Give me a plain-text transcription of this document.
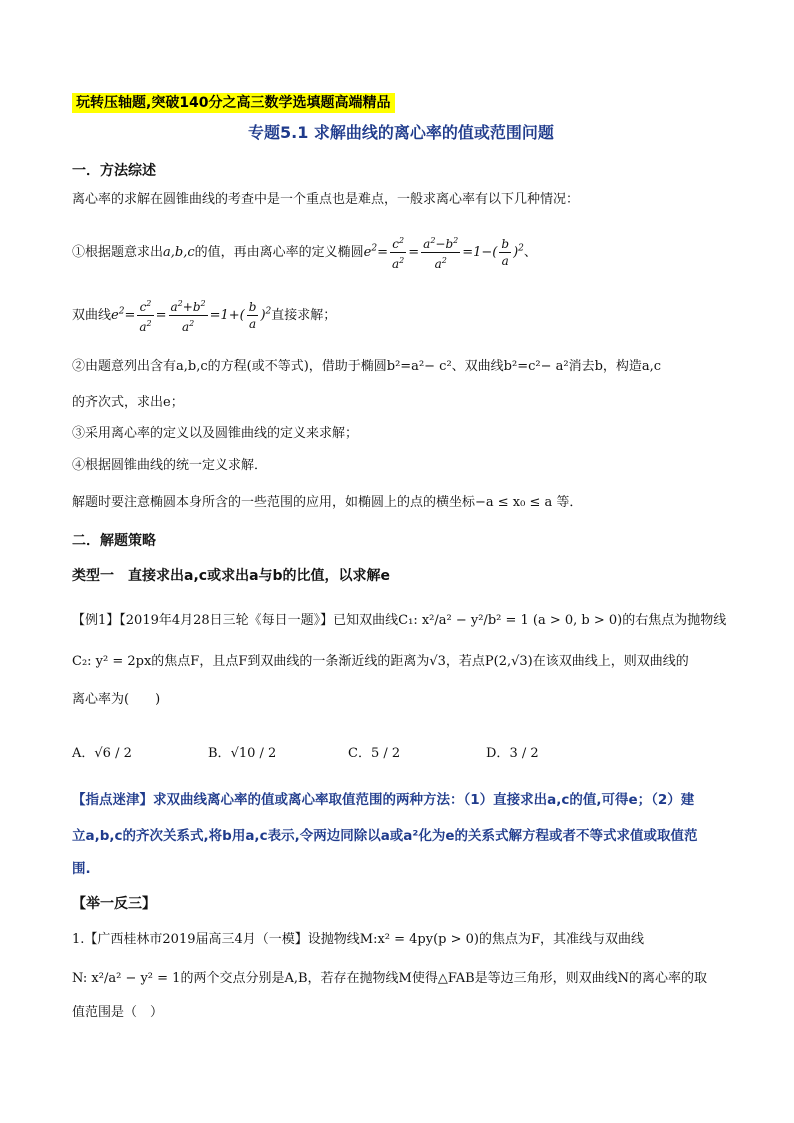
玩转压轴题,突破140分之高三数学选填题高端精品
专题5.1 求解曲线的离心率的值或范围问题
一．方法综述
离心率的求解在圆锥曲线的考查中是一个重点也是难点，一般求离心率有以下几种情况：
①根据题意求出 a,b,c 的值，再由离心率的定义椭圆 $e^2= \frac{c^2}{a^2} = \frac{a^2-b^2}{a^2} =1-( \frac{b}{a} )^2$ 、
双曲线 $e^2= \frac{c^2}{a^2} = \frac{a^2+b^2}{a^2} =1+( \frac{b}{a} )^2$ 直接求解；
②由题意列出含有a,b,c的方程(或不等式)，借助于椭圆b²=a²− c²、双曲线b²=c²− a²消去b，构造a,c
的齐次式，求出e；
③采用离心率的定义以及圆锥曲线的定义来求解；
④根据圆锥曲线的统一定义求解．
解题时要注意椭圆本身所含的一些范围的应用，如椭圆上的点的横坐标−a ≤ x₀ ≤ a 等．
二．解题策略
类型一　直接求出a,c或求出a与b的比值，以求解e
【例1】【2019年4月28日三轮《每日一题》】已知双曲线C₁: x²/a² − y²/b² = 1 (a > 0, b > 0)的右焦点为抛物线
C₂: y² = 2px的焦点F，且点F到双曲线的一条渐近线的距离为√3，若点P(2,√3)在该双曲线上，则双曲线的
离心率为(　　)
A．√6 / 2	B．√10 / 2	C．5 / 2	D．3 / 2
【指点迷津】求双曲线离心率的值或离心率取值范围的两种方法：（1）直接求出a,c的值,可得e；（2）建
立a,b,c的齐次关系式,将b用a,c表示,令两边同除以a或a²化为e的关系式解方程或者不等式求值或取值范
围.
【举一反三】
1.【广西桂林市2019届高三4月（一模】设抛物线M:x² = 4py(p > 0)的焦点为F，其准线与双曲线
N: x²/a² − y² = 1的两个交点分别是A,B，若存在抛物线M使得△FAB是等边三角形，则双曲线N的离心率的取
值范围是（　）
